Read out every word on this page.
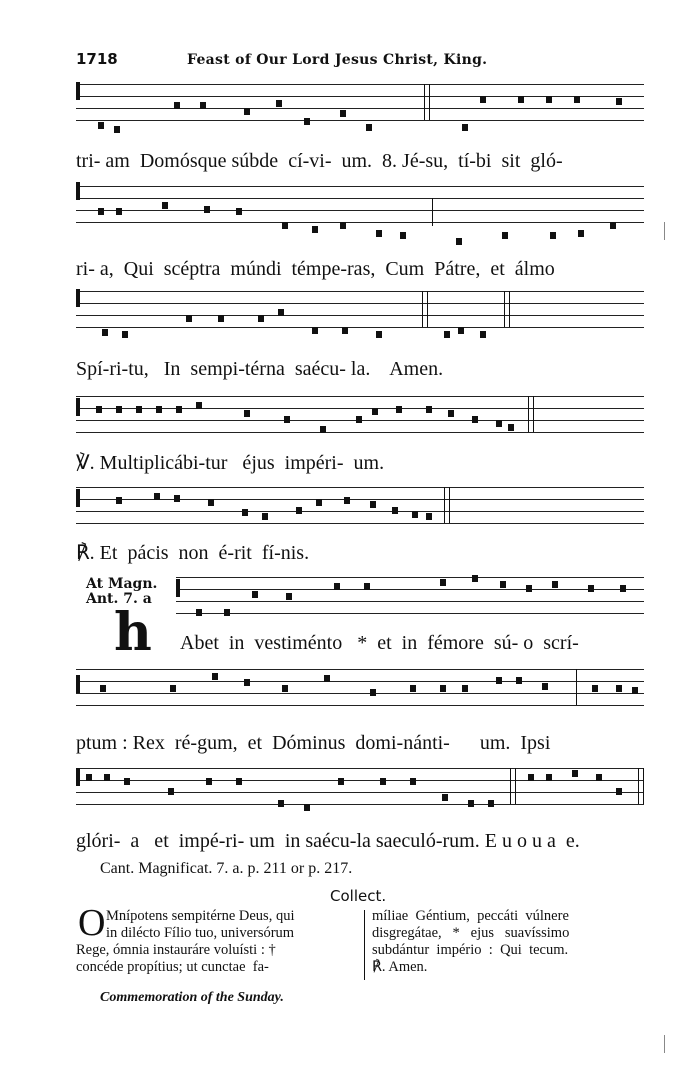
1718	Feast of Our Lord Jesus Christ, King.
tri- am  Domósque súbde  cí-vi-  um.  8. Jé-su,  tí-bi  sit  gló-
ri- a,  Qui  scéptra  múndi  témpe-ras,  Cum  Pátre,  et  álmo
Spí-ri-tu,   In  sempi-térna  saécu- la.    Amen.
℣. Multiplicábi-tur   éjus  impéri-  um.
℟. Et  pácis  non  é-rit  fí-nis.
At Magn.
Ant. 7. a
h Abet  in  vestiménto   *  et  in  fémore  sú- o  scrí-
ptum : Rex  ré-gum,  et  Dóminus  domi-nánti-      um.  Ipsi
glóri-  a   et  impé-ri- um  in saécu-la saeculó-rum. E u o u a  e.
Cant. Magnificat. 7. a. p. 211 or p. 217.
Collect.
O Mnípotens sempitérne Deus, qui
in dilécto Fílio tuo, universórum
Rege, ómnia instauráre voluísti : †
concéde propítius; ut cunctae  fa-
míliae  Géntium,  peccáti  vúlnere
disgregátae,   *   ejus   suavíssimo
subdántur  império  :  Qui  tecum.
℟. Amen.
Commemoration of the Sunday.
